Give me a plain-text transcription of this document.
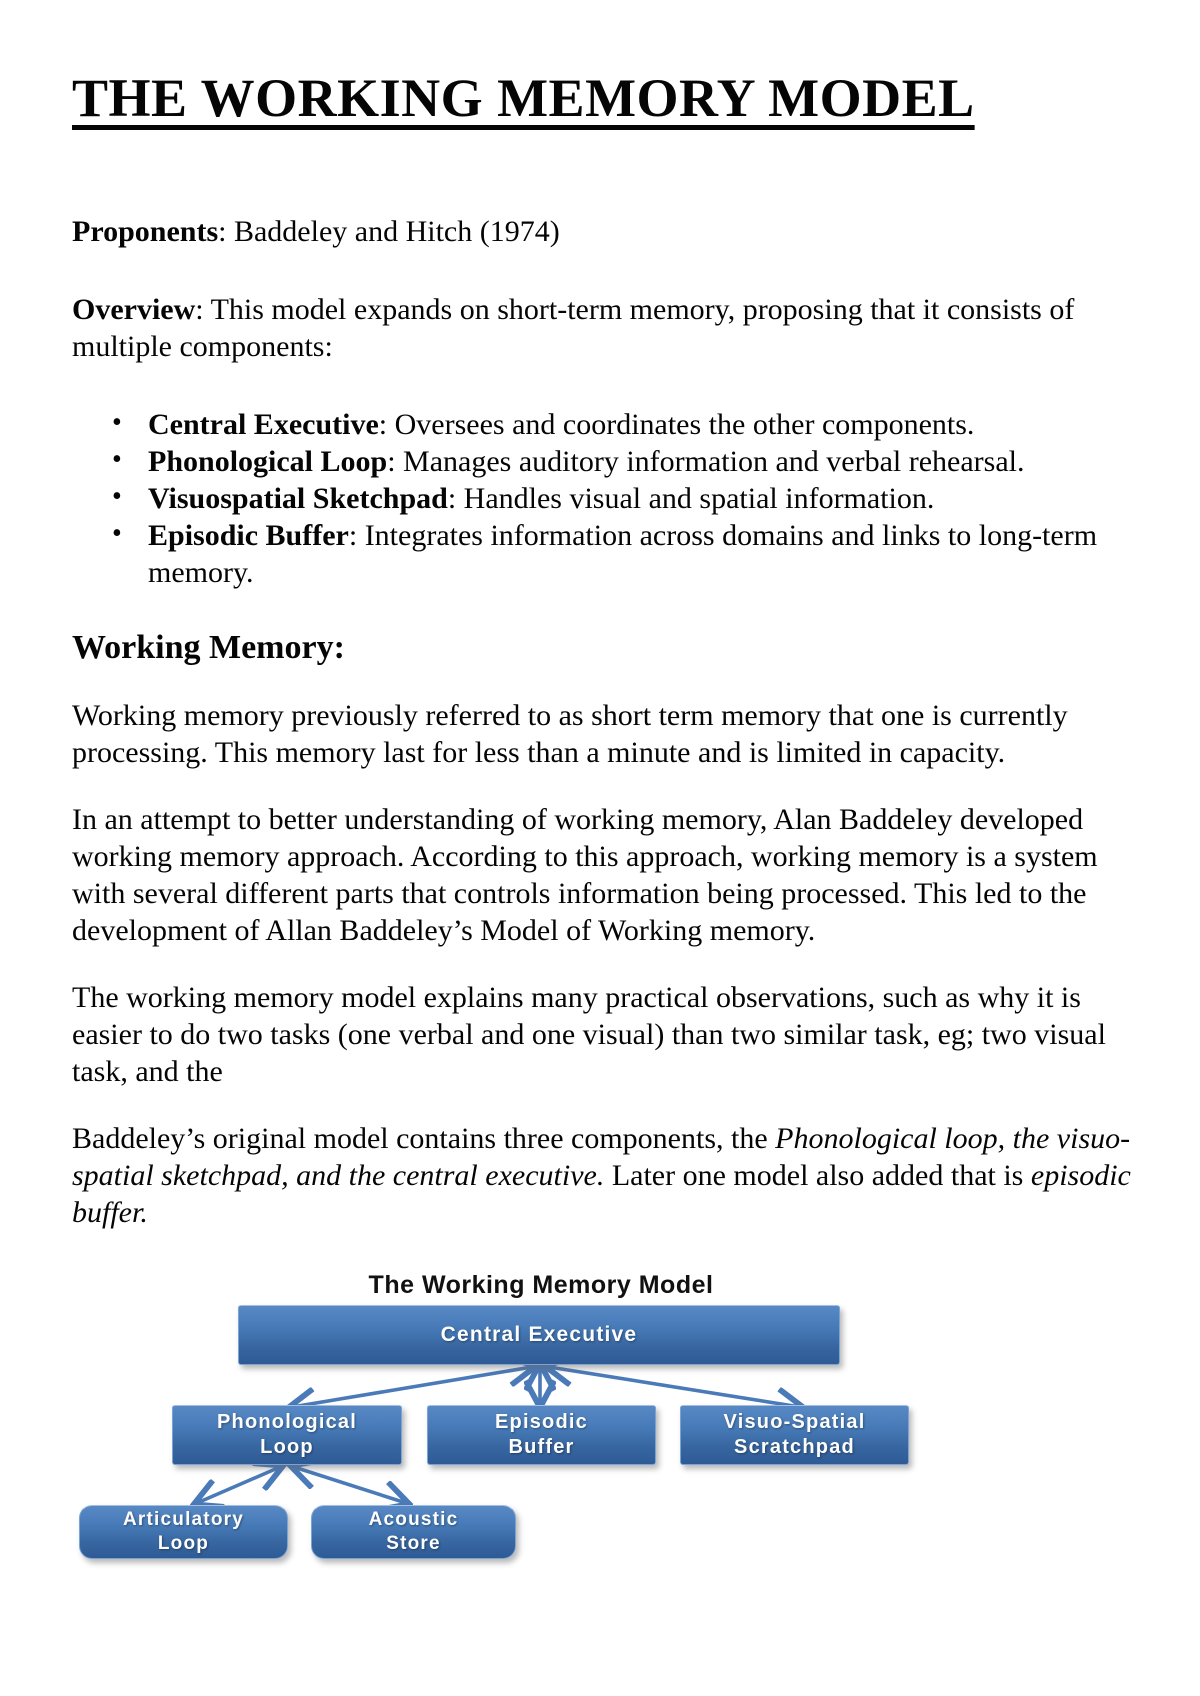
THE WORKING MEMORY MODEL

Proponents: Baddeley and Hitch (1974)

Overview: This model expands on short-term memory, proposing that it consists of multiple components:

• Central Executive: Oversees and coordinates the other components.
• Phonological Loop: Manages auditory information and verbal rehearsal.
• Visuospatial Sketchpad: Handles visual and spatial information.
• Episodic Buffer: Integrates information across domains and links to long-term memory.
Working Memory:

Working memory previously referred to as short term memory that one is currently processing. This memory last for less than a minute and is limited in capacity.

In an attempt to better understanding of working memory, Alan Baddeley developed working memory approach. According to this approach, working memory is a system with several different parts that controls information being processed. This led to the development of Allan Baddeley’s Model of Working memory.

The working memory model explains many practical observations, such as why it is easier to do two tasks (one verbal and one visual) than two similar task, eg; two visual task, and the

Baddeley’s original model contains three components, the Phonological loop, the visuo-spatial sketchpad, and the central executive. Later one model also added that is episodic buffer.

The Working Memory Model
Central Executive
Phonological
Loop
Episodic
Buffer
Visuo-Spatial
Scratchpad
Articulatory
Loop
Acoustic
Store
